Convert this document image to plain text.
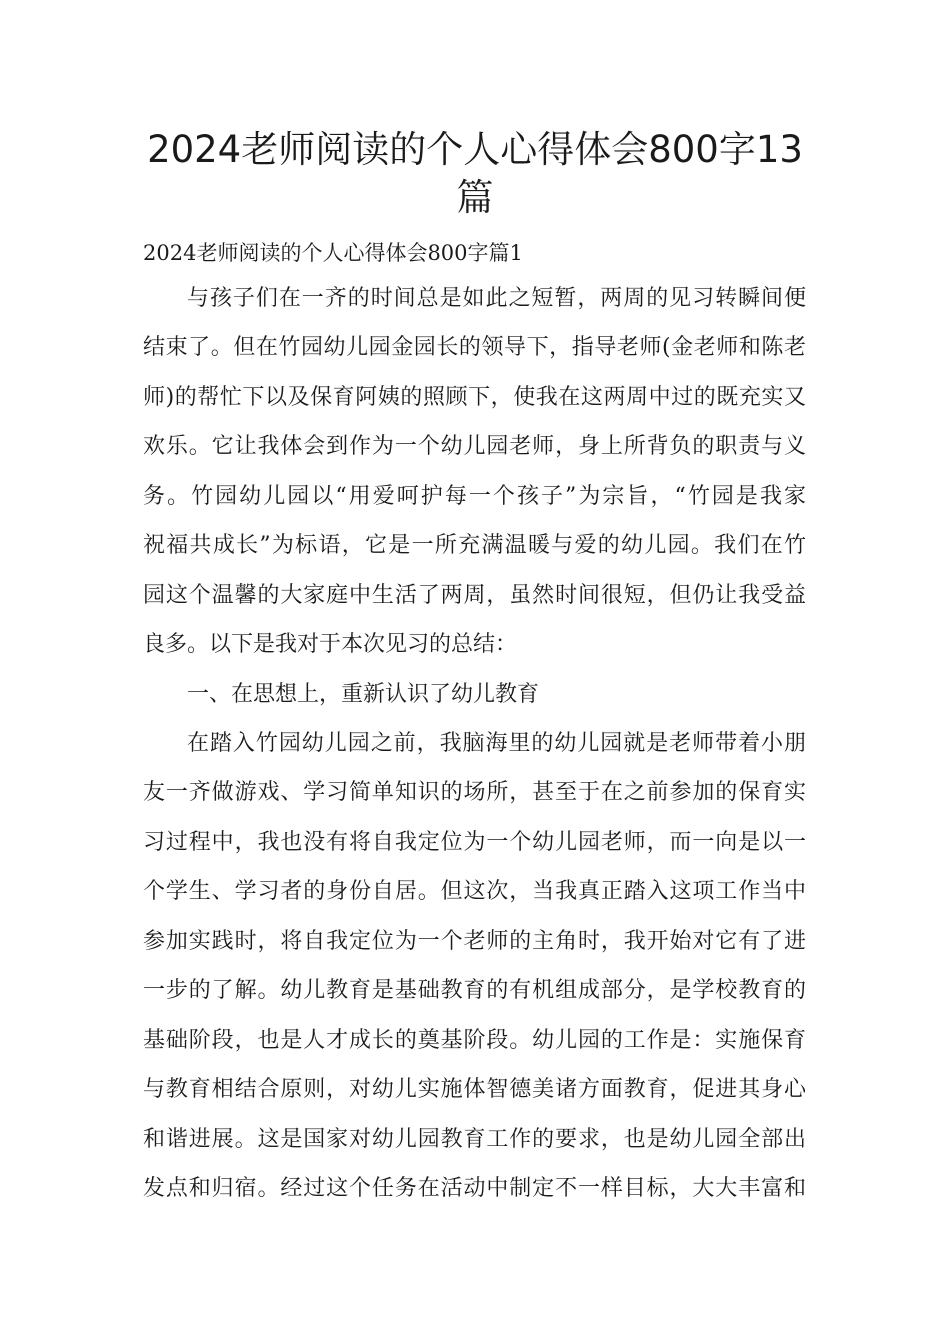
2024老师阅读的个人心得体会800字13
篇

2024老师阅读的个人心得体会800字篇1

与孩子们在一齐的时间总是如此之短暂，两周的见习转瞬间便

结束了。但在竹园幼儿园金园长的领导下，指导老师(金老师和陈老

师)的帮忙下以及保育阿姨的照顾下，使我在这两周中过的既充实又

欢乐。它让我体会到作为一个幼儿园老师，身上所背负的职责与义

务。竹园幼儿园以“用爱呵护每一个孩子”为宗旨，“竹园是我家

祝福共成长”为标语，它是一所充满温暖与爱的幼儿园。我们在竹

园这个温馨的大家庭中生活了两周，虽然时间很短，但仍让我受益

良多。以下是我对于本次见习的总结：

一、在思想上，重新认识了幼儿教育

在踏入竹园幼儿园之前，我脑海里的幼儿园就是老师带着小朋

友一齐做游戏、学习简单知识的场所，甚至于在之前参加的保育实

习过程中，我也没有将自我定位为一个幼儿园老师，而一向是以一

个学生、学习者的身份自居。但这次，当我真正踏入这项工作当中

参加实践时，将自我定位为一个老师的主角时，我开始对它有了进

一步的了解。幼儿教育是基础教育的有机组成部分，是学校教育的

基础阶段，也是人才成长的奠基阶段。幼儿园的工作是：实施保育

与教育相结合原则，对幼儿实施体智德美诸方面教育，促进其身心

和谐进展。这是国家对幼儿园教育工作的要求，也是幼儿园全部出

发点和归宿。经过这个任务在活动中制定不一样目标，大大丰富和
